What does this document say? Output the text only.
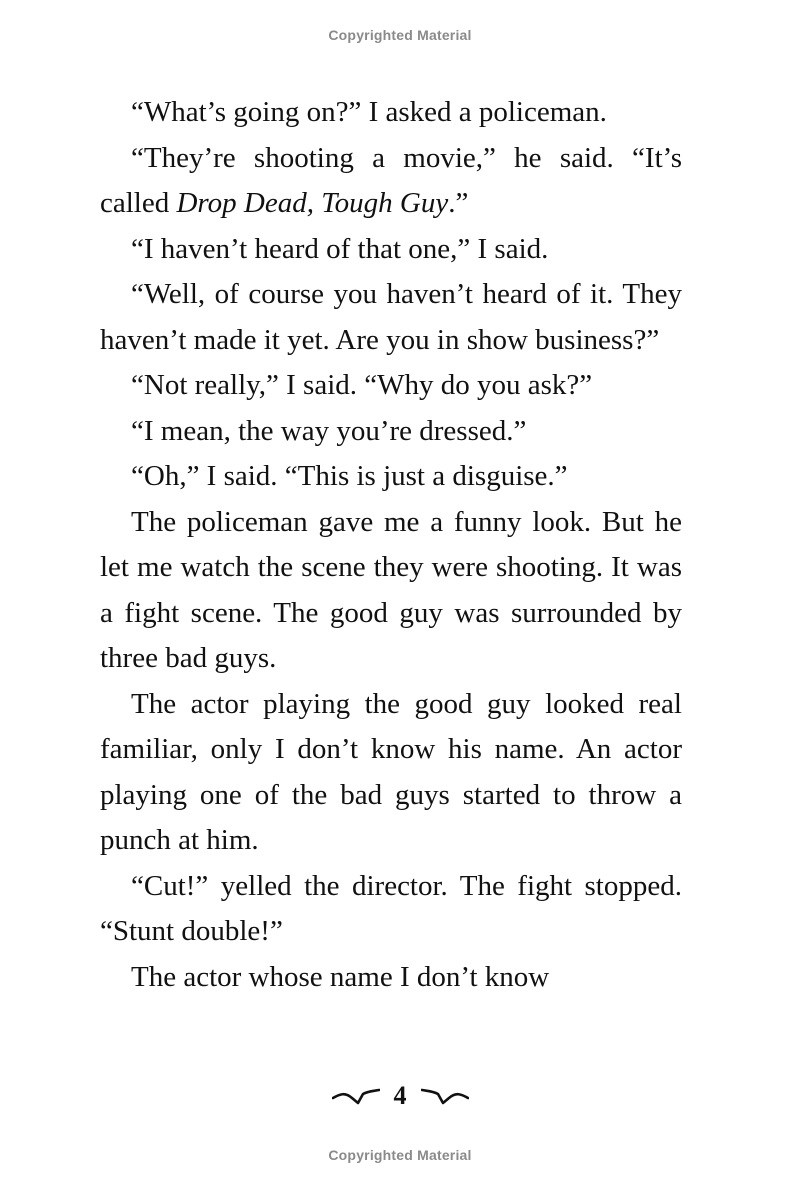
Copyrighted Material

“What’s going on?” I asked a policeman.

“They’re shooting a movie,” he said. “It’s called Drop Dead, Tough Guy.”

“I haven’t heard of that one,” I said.

“Well, of course you haven’t heard of it. They haven’t made it yet. Are you in show business?”

“Not really,” I said. “Why do you ask?”

“I mean, the way you’re dressed.”

“Oh,” I said. “This is just a disguise.”

The policeman gave me a funny look. But he let me watch the scene they were shooting. It was a fight scene. The good guy was surrounded by three bad guys.

The actor playing the good guy looked real familiar, only I don’t know his name. An actor playing one of the bad guys started to throw a punch at him.

“Cut!” yelled the director. The fight stopped. “Stunt double!”

The actor whose name I don’t know

4
Copyrighted Material
